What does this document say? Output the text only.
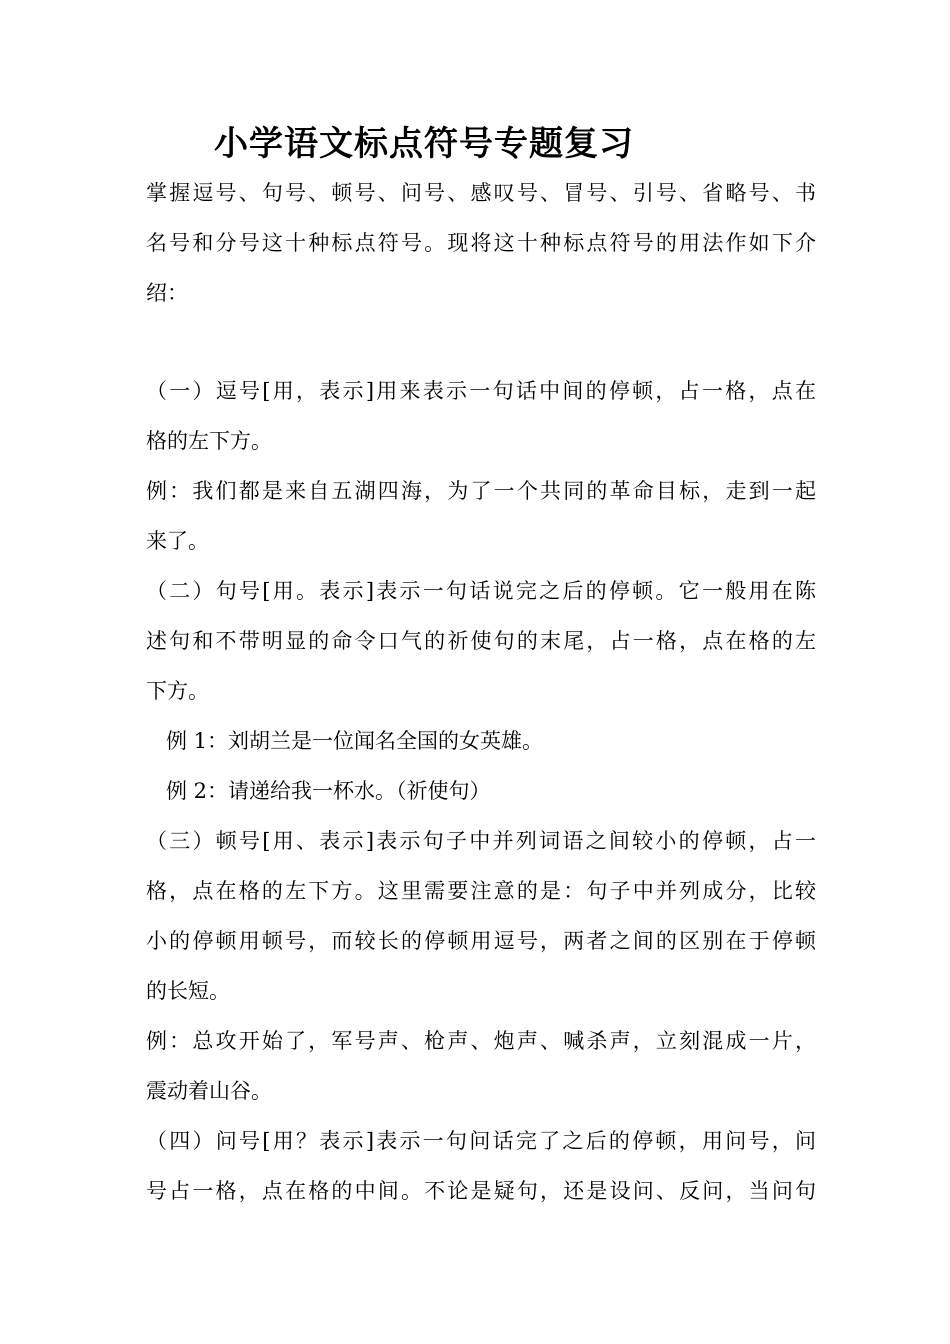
小学语文标点符号专题复习
掌握逗号、句号、顿号、问号、感叹号、冒号、引号、省略号、书
名号和分号这十种标点符号。现将这十种标点符号的用法作如下介
绍：
（一）逗号[用，表示]用来表示一句话中间的停顿，占一格，点在
格的左下方。
例：我们都是来自五湖四海，为了一个共同的革命目标，走到一起
来了。
（二）句号[用。表示]表示一句话说完之后的停顿。它一般用在陈
述句和不带明显的命令口气的祈使句的末尾，占一格，点在格的左
下方。
例 1：刘胡兰是一位闻名全国的女英雄。
例 2：请递给我一杯水。（祈使句）
（三）顿号[用、表示]表示句子中并列词语之间较小的停顿，占一
格，点在格的左下方。这里需要注意的是：句子中并列成分，比较
小的停顿用顿号，而较长的停顿用逗号，两者之间的区别在于停顿
的长短。
例：总攻开始了，军号声、枪声、炮声、喊杀声，立刻混成一片，
震动着山谷。
（四）问号[用？表示]表示一句问话完了之后的停顿，用问号，问
号占一格，点在格的中间。不论是疑句，还是设问、反问，当问句
